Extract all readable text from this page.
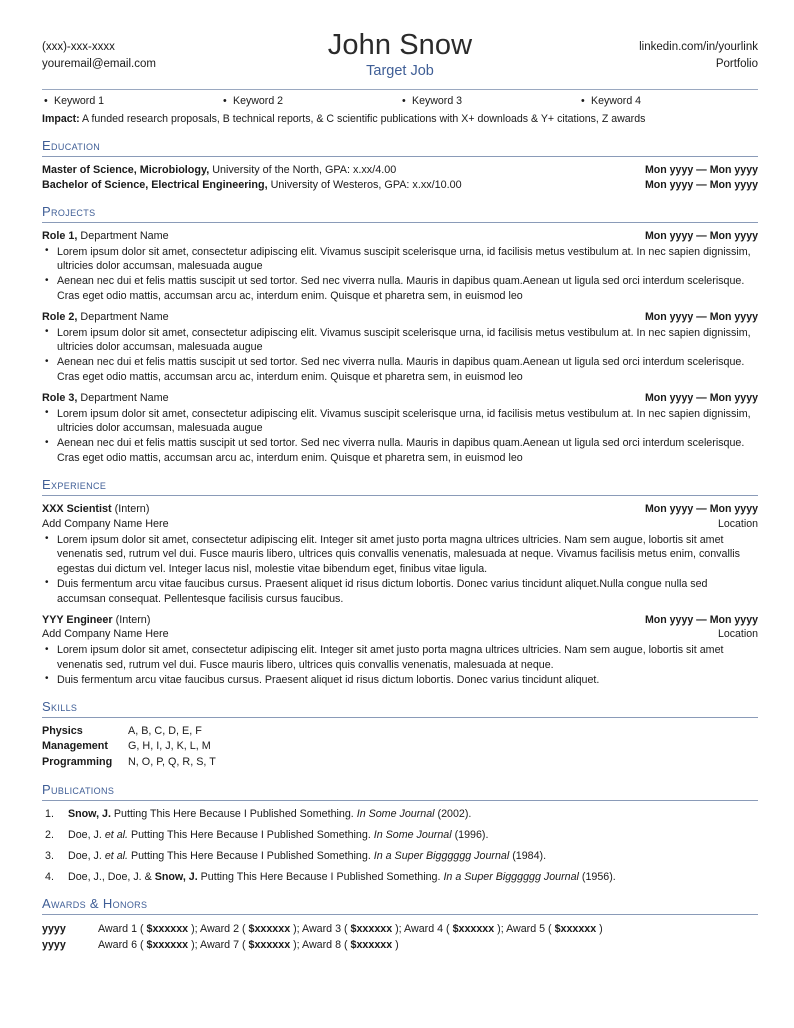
(xxx)-xxx-xxxx
youremail@email.com
John Snow
Target Job
linkedin.com/in/yourlink
Portfolio
• Keyword 1	• Keyword 2	• Keyword 3	• Keyword 4
Impact: A funded research proposals, B technical reports, & C scientific publications with X+ downloads & Y+ citations, Z awards
Education
Master of Science, Microbiology, University of the North, GPA: x.xx/4.00	Mon yyyy — Mon yyyy
Bachelor of Science, Electrical Engineering, University of Westeros, GPA: x.xx/10.00	Mon yyyy — Mon yyyy
Projects
Role 1, Department Name	Mon yyyy — Mon yyyy
• Lorem ipsum dolor sit amet, consectetur adipiscing elit. Vivamus suscipit scelerisque urna, id facilisis metus vestibulum at. In nec sapien dignissim, ultricies dolor accumsan, malesuada augue
• Aenean nec dui et felis mattis suscipit ut sed tortor. Sed nec viverra nulla. Mauris in dapibus quam.Aenean ut ligula sed orci interdum scelerisque. Cras eget odio mattis, accumsan arcu ac, interdum enim. Quisque et pharetra sem, in euismod leo
Role 2, Department Name	Mon yyyy — Mon yyyy
• Lorem ipsum dolor sit amet, consectetur adipiscing elit. Vivamus suscipit scelerisque urna, id facilisis metus vestibulum at. In nec sapien dignissim, ultricies dolor accumsan, malesuada augue
• Aenean nec dui et felis mattis suscipit ut sed tortor. Sed nec viverra nulla. Mauris in dapibus quam.Aenean ut ligula sed orci interdum scelerisque. Cras eget odio mattis, accumsan arcu ac, interdum enim. Quisque et pharetra sem, in euismod leo
Role 3, Department Name	Mon yyyy — Mon yyyy
• Lorem ipsum dolor sit amet, consectetur adipiscing elit. Vivamus suscipit scelerisque urna, id facilisis metus vestibulum at. In nec sapien dignissim, ultricies dolor accumsan, malesuada augue
• Aenean nec dui et felis mattis suscipit ut sed tortor. Sed nec viverra nulla. Mauris in dapibus quam.Aenean ut ligula sed orci interdum scelerisque. Cras eget odio mattis, accumsan arcu ac, interdum enim. Quisque et pharetra sem, in euismod leo
Experience
XXX Scientist (Intern)	Mon yyyy — Mon yyyy
Add Company Name Here	Location
• Lorem ipsum dolor sit amet, consectetur adipiscing elit. Integer sit amet justo porta magna ultrices ultricies. Nam sem augue, lobortis sit amet venenatis sed, rutrum vel dui. Fusce mauris libero, ultrices quis convallis venenatis, malesuada at neque. Vivamus facilisis metus enim, convallis egestas dui dictum vel. Integer lacus nisl, molestie vitae bibendum eget, finibus vitae ligula.
• Duis fermentum arcu vitae faucibus cursus. Praesent aliquet id risus dictum lobortis. Donec varius tincidunt aliquet.Nulla congue nulla sed accumsan consequat. Pellentesque facilisis cursus faucibus.
YYY Engineer (Intern)	Mon yyyy — Mon yyyy
Add Company Name Here	Location
• Lorem ipsum dolor sit amet, consectetur adipiscing elit. Integer sit amet justo porta magna ultrices ultricies. Nam sem augue, lobortis sit amet venenatis sed, rutrum vel dui. Fusce mauris libero, ultrices quis convallis venenatis, malesuada at neque.
• Duis fermentum arcu vitae faucibus cursus. Praesent aliquet id risus dictum lobortis. Donec varius tincidunt aliquet.
Skills
Physics	A, B, C, D, E, F
Management	G, H, I, J, K, L, M
Programming	N, O, P, Q, R, S, T
Publications
Snow, J. Putting This Here Because I Published Something. In Some Journal (2002).
Doe, J. et al. Putting This Here Because I Published Something. In Some Journal (1996).
Doe, J. et al. Putting This Here Because I Published Something. In a Super Bigggggg Journal (1984).
Doe, J., Doe, J. & Snow, J. Putting This Here Because I Published Something. In a Super Bigggggg Journal (1956).
Awards & Honors
yyyy	Award 1 ( $xxxxxx ); Award 2 ( $xxxxxx ); Award 3 ( $xxxxxx ); Award 4 ( $xxxxxx ); Award 5 ( $xxxxxx )
yyyy	Award 6 ( $xxxxxx ); Award 7 ( $xxxxxx ); Award 8 ( $xxxxxx )
